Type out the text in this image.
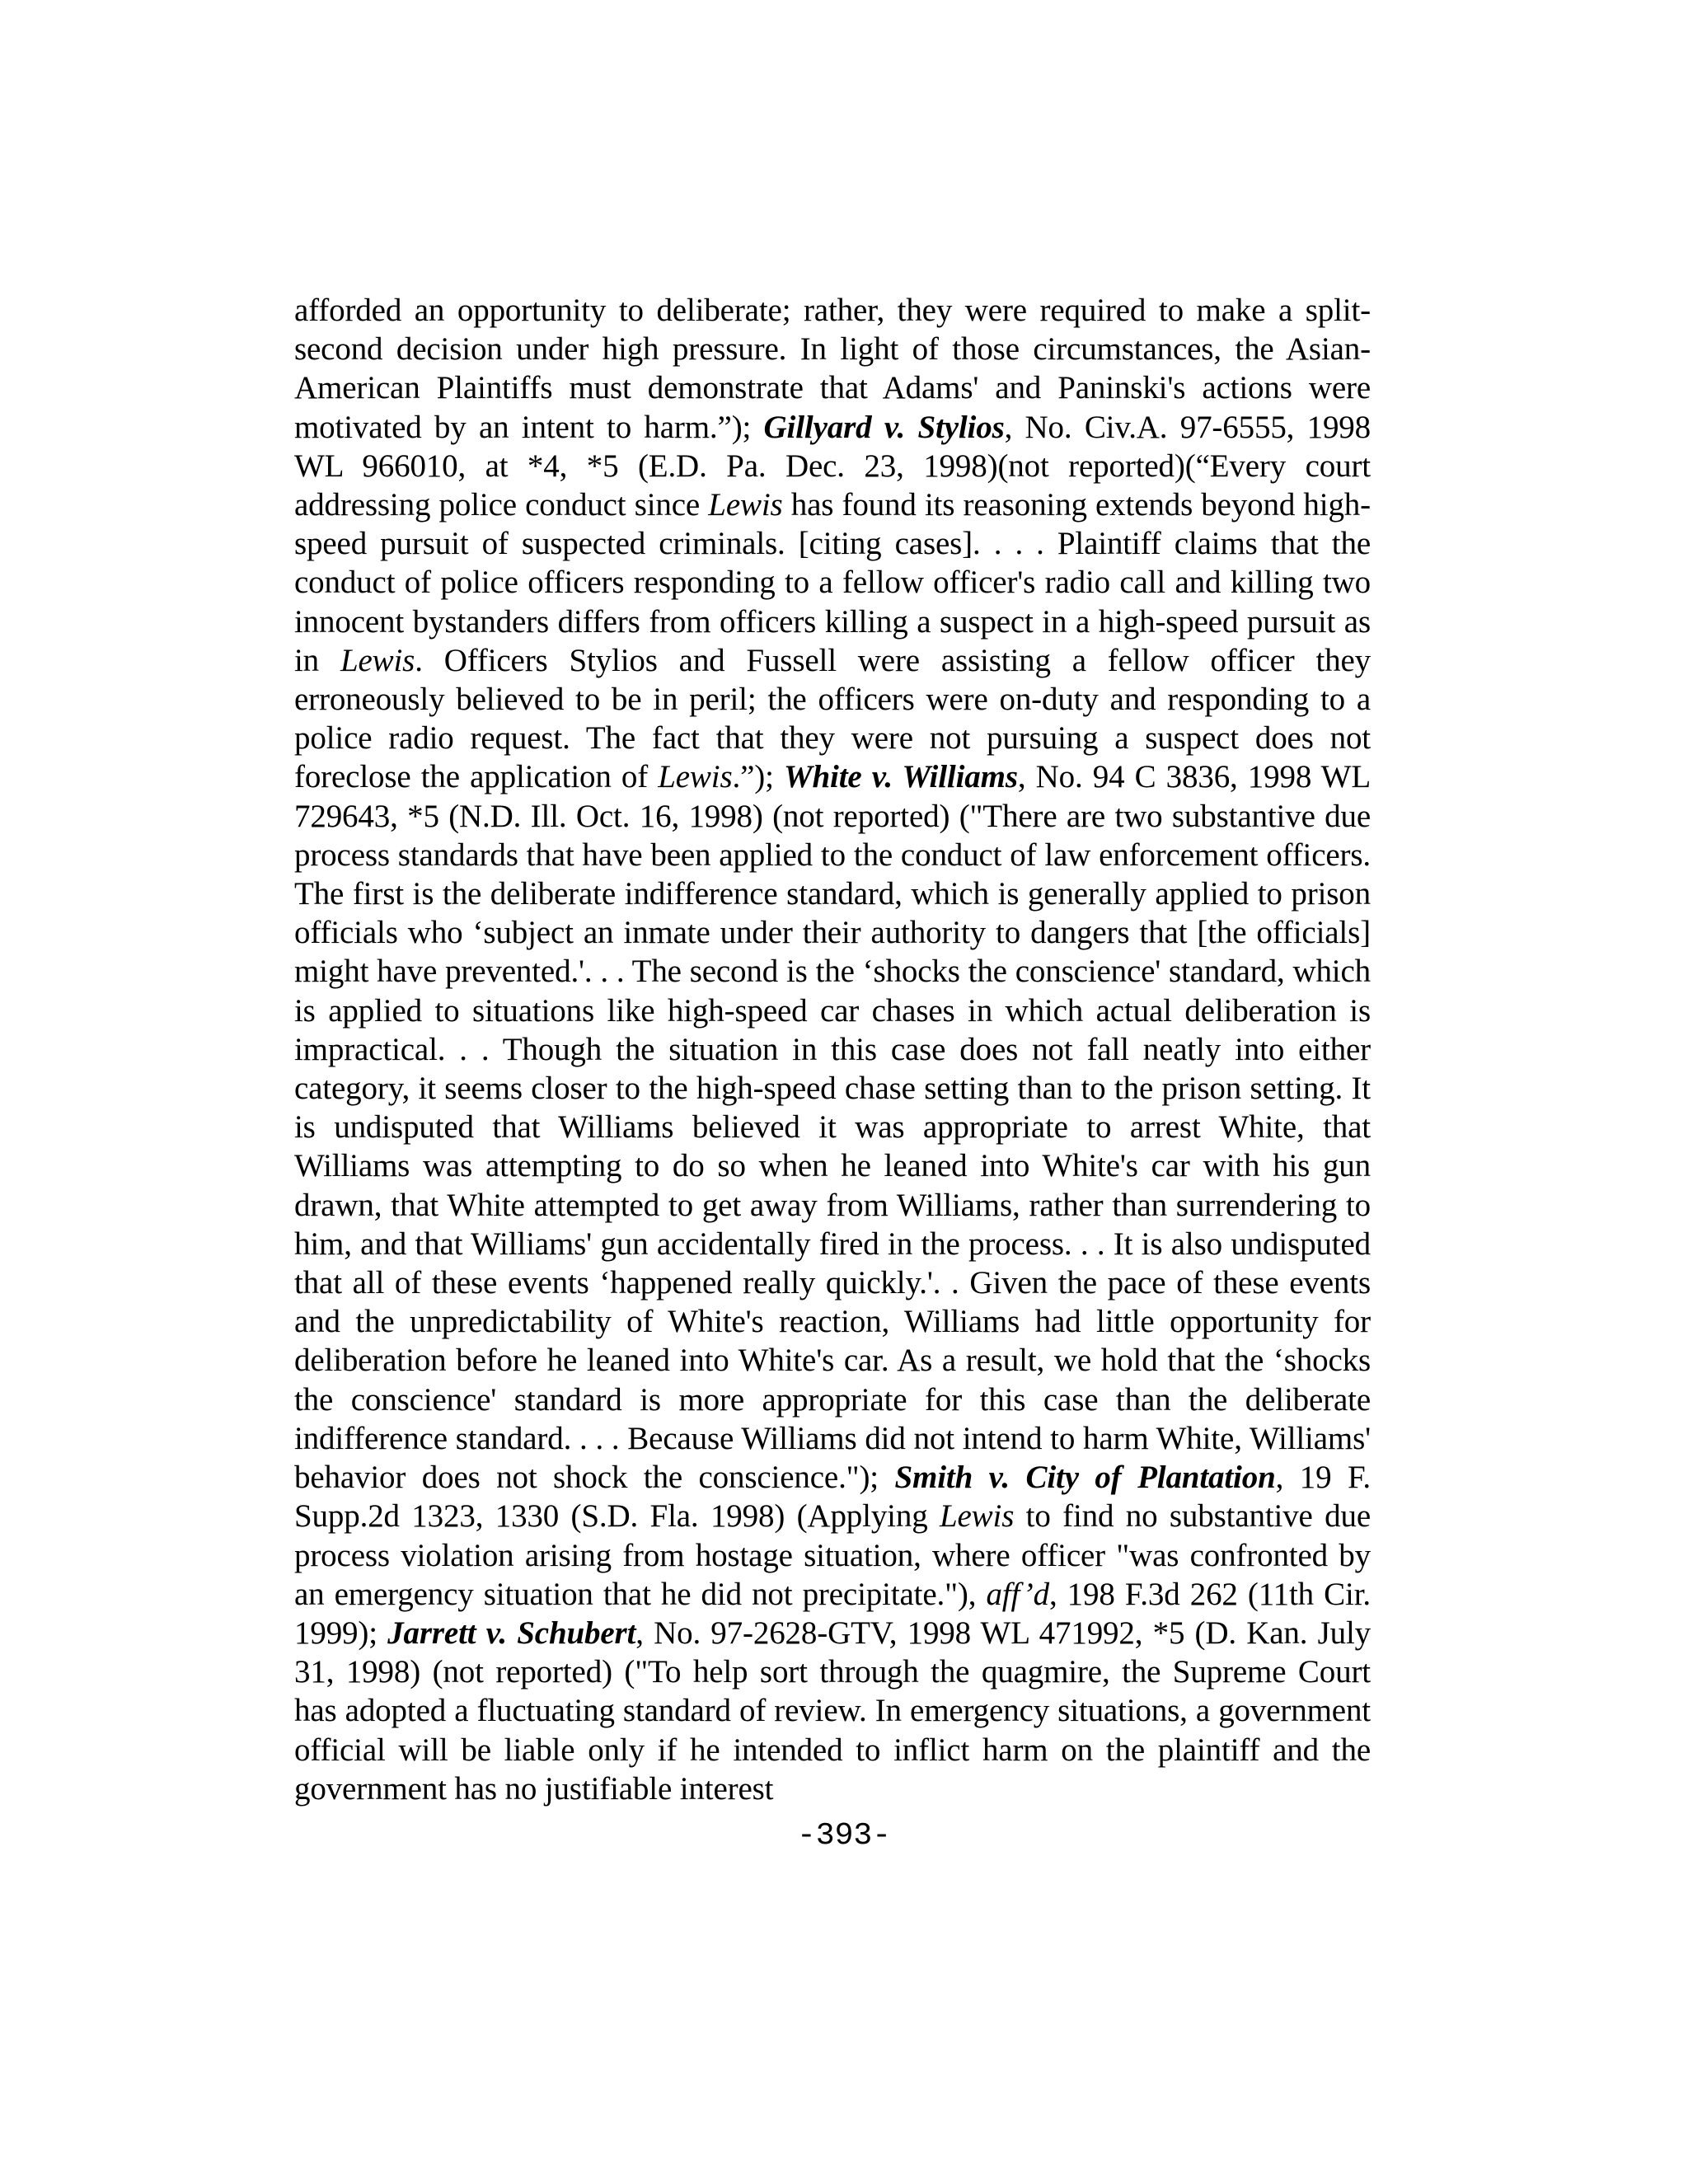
afforded an opportunity to deliberate; rather, they were required to make a split-second decision under high pressure. In light of those circumstances, the Asian-American Plaintiffs must demonstrate that Adams' and Paninski's actions were motivated by an intent to harm.”); Gillyard v. Stylios, No. Civ.A. 97-6555, 1998 WL 966010, at *4, *5 (E.D. Pa. Dec. 23, 1998)(not reported)(“Every court addressing police conduct since Lewis has found its reasoning extends beyond high-speed pursuit of suspected criminals. [citing cases]. . . . Plaintiff claims that the conduct of police officers responding to a fellow officer's radio call and killing two innocent bystanders differs from officers killing a suspect in a high-speed pursuit as in Lewis. Officers Stylios and Fussell were assisting a fellow officer they erroneously believed to be in peril; the officers were on-duty and responding to a police radio request. The fact that they were not pursuing a suspect does not foreclose the application of Lewis.”); White v. Williams, No. 94 C 3836, 1998 WL 729643, *5 (N.D. Ill. Oct. 16, 1998) (not reported) ("There are two substantive due process standards that have been applied to the conduct of law enforcement officers. The first is the deliberate indifference standard, which is generally applied to prison officials who ‘subject an inmate under their authority to dangers that [the officials] might have prevented.'. . . The second is the ‘shocks the conscience' standard, which is applied to situations like high-speed car chases in which actual deliberation is impractical. . . Though the situation in this case does not fall neatly into either category, it seems closer to the high-speed chase setting than to the prison setting. It is undisputed that Williams believed it was appropriate to arrest White, that Williams was attempting to do so when he leaned into White's car with his gun drawn, that White attempted to get away from Williams, rather than surrendering to him, and that Williams' gun accidentally fired in the process. . . It is also undisputed that all of these events ‘happened really quickly.'. . Given the pace of these events and the unpredictability of White's reaction, Williams had little opportunity for deliberation before he leaned into White's car. As a result, we hold that the ‘shocks the conscience' standard is more appropriate for this case than the deliberate indifference standard. . . . Because Williams did not intend to harm White, Williams' behavior does not shock the conscience."); Smith v. City of Plantation, 19 F. Supp.2d 1323, 1330 (S.D. Fla. 1998) (Applying Lewis to find no substantive due process violation arising from hostage situation, where officer "was confronted by an emergency situation that he did not precipitate."), aff’d, 198 F.3d 262 (11th Cir. 1999); Jarrett v. Schubert, No. 97-2628-GTV, 1998 WL 471992, *5 (D. Kan. July 31, 1998) (not reported) ("To help sort through the quagmire, the Supreme Court has adopted a fluctuating standard of review. In emergency situations, a government official will be liable only if he intended to inflict harm on the plaintiff and the government has no justifiable interest

-393-
